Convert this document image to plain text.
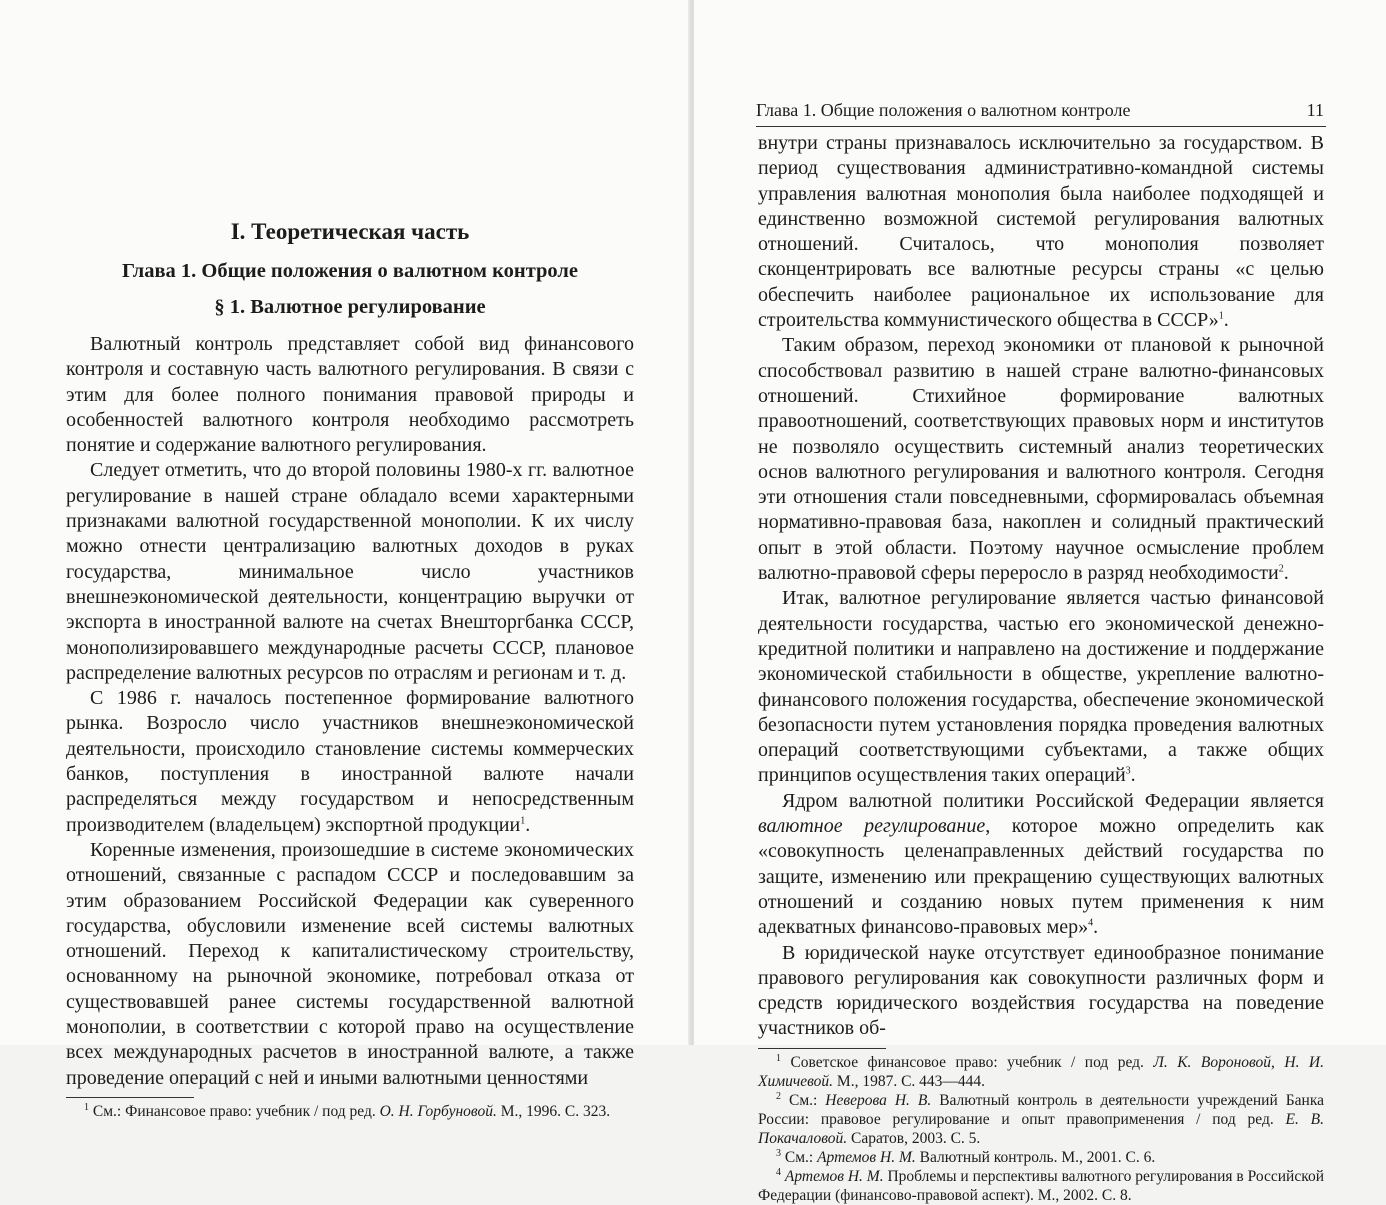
I. Теоретическая часть
Глава 1. Общие положения о валютном контроле
§ 1. Валютное регулирование

Валютный контроль представляет собой вид финансового контроля и составную часть валютного регулирования. В связи с этим для более полного понимания правовой природы и особенностей валютного контроля необходимо рассмотреть понятие и содержание валютного регулирования.

Следует отметить, что до второй половины 1980-х гг. валютное регулирование в нашей стране обладало всеми характерными признаками валютной государственной монополии. К их числу можно отнести централизацию валютных доходов в руках государства, минимальное число участников внешнеэкономической деятельности, концентрацию выручки от экспорта в иностранной валюте на счетах Внешторгбанка СССР, монополизировавшего международные расчеты СССР, плановое распределение валютных ресурсов по отраслям и регионам и т. д.

С 1986 г. началось постепенное формирование валютного рынка. Возросло число участников внешнеэкономической деятельности, происходило становление системы коммерческих банков, поступления в иностранной валюте начали распределяться между государством и непосредственным производителем (владельцем) экспортной продукции$^1$.

Коренные изменения, произошедшие в системе экономических отношений, связанные с распадом СССР и последовавшим за этим образованием Российской Федерации как суверенного государства, обусловили изменение всей системы валютных отношений. Переход к капиталистическому строительству, основанному на рыночной экономике, потребовал отказа от существовавшей ранее системы государственной валютной монополии, в соответствии с которой право на осуществление всех международных расчетов в иностранной валюте, а также проведение операций с ней и иными валютными ценностями

$^1$ См.: Финансовое право: учебник / под ред. О. Н. Горбуновой. М., 1996. С. 323.
Глава 1. Общие положения о валютном контроле	11

внутри страны признавалось исключительно за государством. В период существования административно-командной системы управления валютная монополия была наиболее подходящей и единственно возможной системой регулирования валютных отношений. Считалось, что монополия позволяет сконцентрировать все валютные ресурсы страны «с целью обеспечить наиболее рациональное их использование для строительства коммунистического общества в СССР»$^1$.

Таким образом, переход экономики от плановой к рыночной способствовал развитию в нашей стране валютно-финансовых отношений. Стихийное формирование валютных правоотношений, соответствующих правовых норм и институтов не позволяло осуществить системный анализ теоретических основ валютного регулирования и валютного контроля. Сегодня эти отношения стали повседневными, сформировалась объемная нормативно-правовая база, накоплен и солидный практический опыт в этой области. Поэтому научное осмысление проблем валютно-правовой сферы переросло в разряд необходимости$^2$.

Итак, валютное регулирование является частью финансовой деятельности государства, частью его экономической денежно-кредитной политики и направлено на достижение и поддержание экономической стабильности в обществе, укрепление валютно-финансового положения государства, обеспечение экономической безопасности путем установления порядка проведения валютных операций соответствующими субъектами, а также общих принципов осуществления таких операций$^3$.

Ядром валютной политики Российской Федерации является валютное регулирование, которое можно определить как «совокупность целенаправленных действий государства по защите, изменению или прекращению существующих валютных отношений и созданию новых путем применения к ним адекватных финансово-правовых мер»$^4$.

В юридической науке отсутствует единообразное понимание правового регулирования как совокупности различных форм и средств юридического воздействия государства на поведение участников об-

$^1$ Советское финансовое право: учебник / под ред. Л. К. Вороновой, Н. И. Химичевой. М., 1987. С. 443—444.
$^2$ См.: Неверова Н. В. Валютный контроль в деятельности учреждений Банка России: правовое регулирование и опыт правоприменения / под ред. Е. В. Покачаловой. Саратов, 2003. С. 5.
$^3$ См.: Артемов Н. М. Валютный контроль. М., 2001. С. 6.
$^4$ Артемов Н. М. Проблемы и перспективы валютного регулирования в Российской Федерации (финансово-правовой аспект). М., 2002. С. 8.
